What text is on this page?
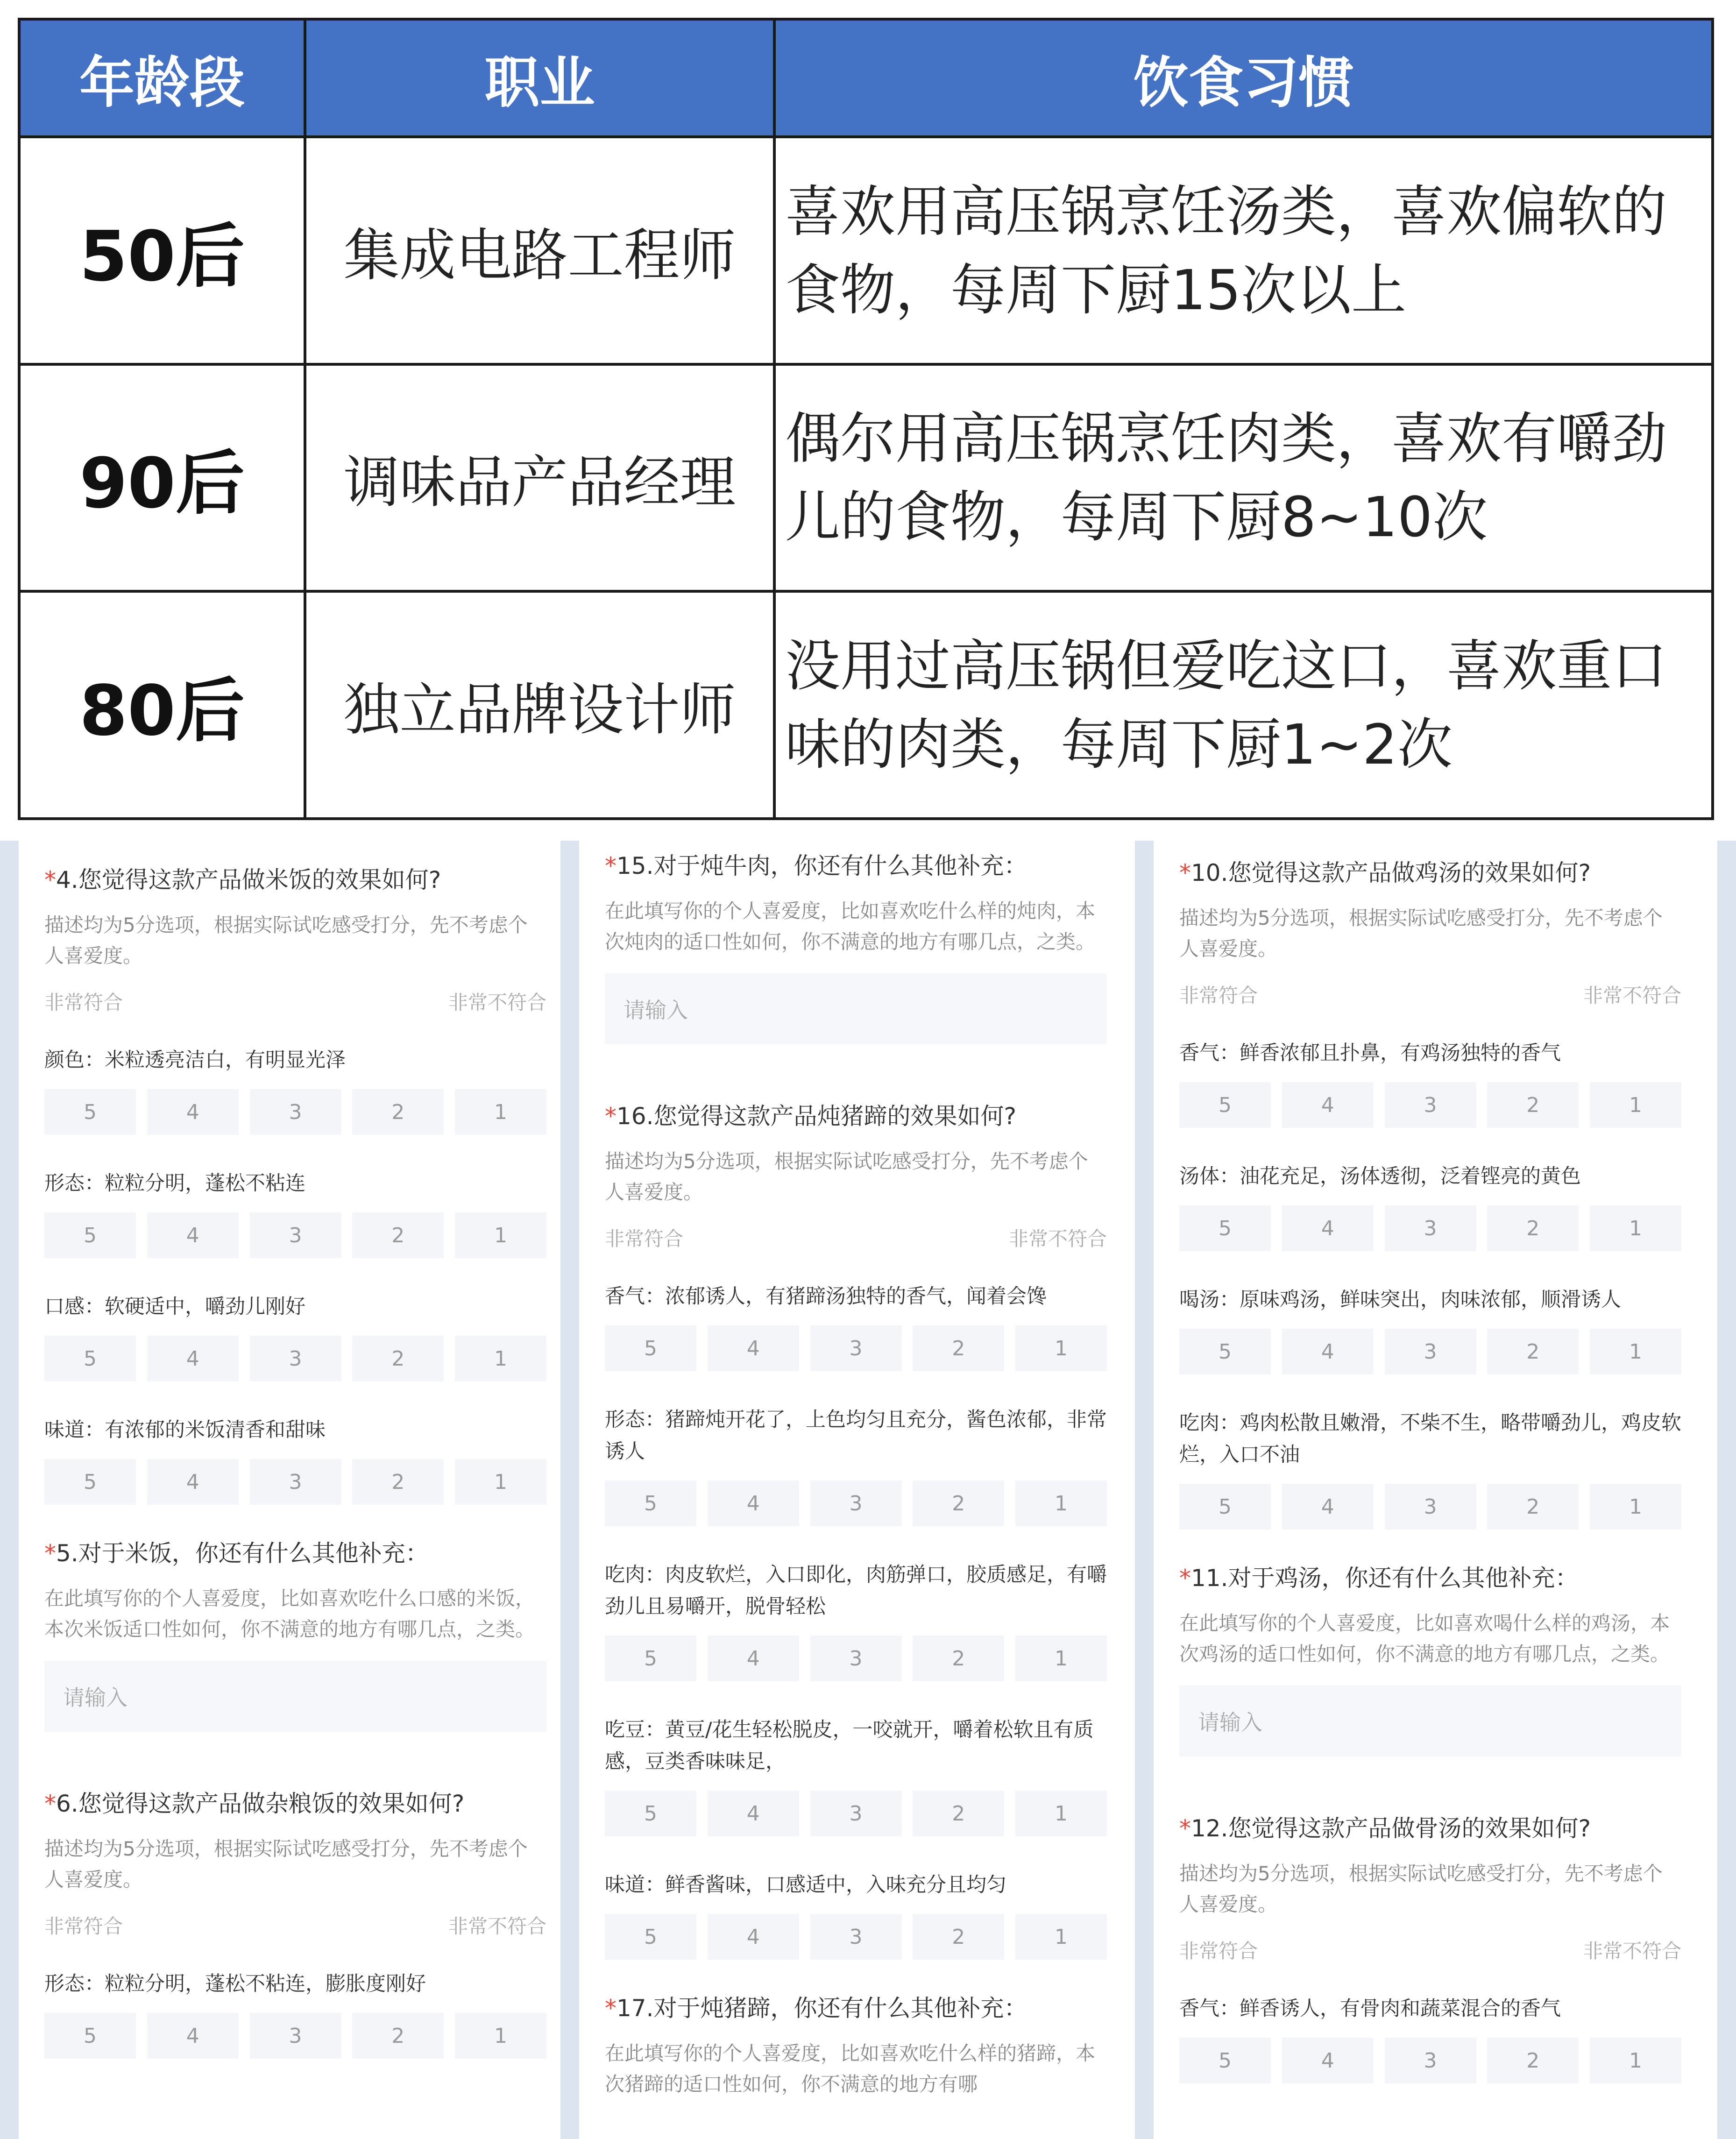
年龄段	职业	饮食习惯
50后	集成电路工程师	喜欢用高压锅烹饪汤类，喜欢偏软的食物，每周下厨15次以上
90后	调味品产品经理	偶尔用高压锅烹饪肉类，喜欢有嚼劲儿的食物，每周下厨8~10次
80后	独立品牌设计师	没用过高压锅但爱吃这口，喜欢重口味的肉类，每周下厨1~2次
*4.您觉得这款产品做米饭的效果如何?
描述均为5分选项，根据实际试吃感受打分，先不考虑个人喜爱度。
非常符合	非常不符合
颜色：米粒透亮洁白，有明显光泽
5	4	3	2	1
形态：粒粒分明，蓬松不粘连
5	4	3	2	1
口感：软硬适中，嚼劲儿刚好
5	4	3	2	1
味道：有浓郁的米饭清香和甜味
5	4	3	2	1
*5.对于米饭，你还有什么其他补充：
在此填写你的个人喜爱度，比如喜欢吃什么口感的米饭，本次米饭适口性如何，你不满意的地方有哪几点，之类。
请输入
*6.您觉得这款产品做杂粮饭的效果如何?
描述均为5分选项，根据实际试吃感受打分，先不考虑个人喜爱度。
非常符合	非常不符合
形态：粒粒分明，蓬松不粘连，膨胀度刚好
5	4	3	2	1
*15.对于炖牛肉，你还有什么其他补充：
在此填写你的个人喜爱度，比如喜欢吃什么样的炖肉，本次炖肉的适口性如何，你不满意的地方有哪几点，之类。
请输入
*16.您觉得这款产品炖猪蹄的效果如何?
描述均为5分选项，根据实际试吃感受打分，先不考虑个人喜爱度。
非常符合	非常不符合
香气：浓郁诱人，有猪蹄汤独特的香气，闻着会馋
5	4	3	2	1
形态：猪蹄炖开花了，上色均匀且充分，酱色浓郁，非常诱人
5	4	3	2	1
吃肉：肉皮软烂，入口即化，肉筋弹口，胶质感足，有嚼劲儿且易嚼开，脱骨轻松
5	4	3	2	1
吃豆：黄豆/花生轻松脱皮，一咬就开，嚼着松软且有质感，豆类香味味足，
5	4	3	2	1
味道：鲜香酱味，口感适中，入味充分且均匀
5	4	3	2	1
*17.对于炖猪蹄，你还有什么其他补充：
在此填写你的个人喜爱度，比如喜欢吃什么样的猪蹄，本次猪蹄的适口性如何，你不满意的地方有哪
*10.您觉得这款产品做鸡汤的效果如何?
描述均为5分选项，根据实际试吃感受打分，先不考虑个人喜爱度。
非常符合	非常不符合
香气：鲜香浓郁且扑鼻，有鸡汤独特的香气
5	4	3	2	1
汤体：油花充足，汤体透彻，泛着铿亮的黄色
5	4	3	2	1
喝汤：原味鸡汤，鲜味突出，肉味浓郁，顺滑诱人
5	4	3	2	1
吃肉：鸡肉松散且嫩滑，不柴不生，略带嚼劲儿，鸡皮软烂，入口不油
5	4	3	2	1
*11.对于鸡汤，你还有什么其他补充：
在此填写你的个人喜爱度，比如喜欢喝什么样的鸡汤，本次鸡汤的适口性如何，你不满意的地方有哪几点，之类。
请输入
*12.您觉得这款产品做骨汤的效果如何?
描述均为5分选项，根据实际试吃感受打分，先不考虑个人喜爱度。
非常符合	非常不符合
香气：鲜香诱人，有骨肉和蔬菜混合的香气
5	4	3	2	1
